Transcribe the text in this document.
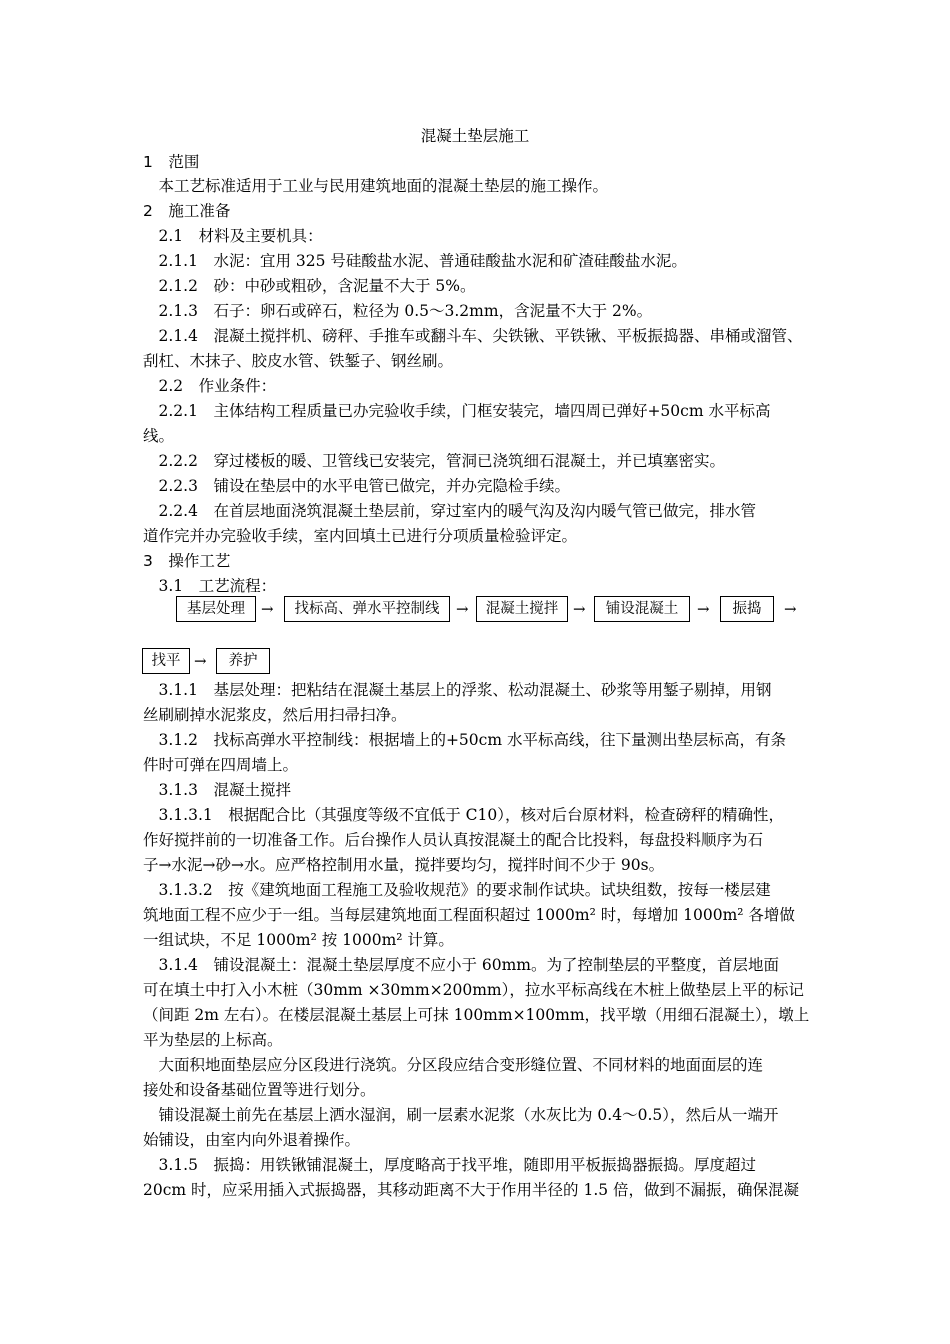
混凝土垫层施工
1　范围
　本工艺标准适用于工业与民用建筑地面的混凝土垫层的施工操作。
2　施工准备
　2.1　材料及主要机具：
　2.1.1　水泥：宜用 325 号硅酸盐水泥、普通硅酸盐水泥和矿渣硅酸盐水泥。
　2.1.2　砂：中砂或粗砂，含泥量不大于 5%。
　2.1.3　石子：卵石或碎石，粒径为 0.5～3.2mm，含泥量不大于 2%。
　2.1.4　混凝土搅拌机、磅秤、手推车或翻斗车、尖铁锹、平铁锹、平板振捣器、串桶或溜管、
刮杠、木抹子、胶皮水管、铁錾子、钢丝刷。
　2.2　作业条件：
　2.2.1　主体结构工程质量已办完验收手续，门框安装完，墙四周已弹好+50cm 水平标高
线。
　2.2.2　穿过楼板的暖、卫管线已安装完，管洞已浇筑细石混凝土，并已填塞密实。
　2.2.3　铺设在垫层中的水平电管已做完，并办完隐检手续。
　2.2.4　在首层地面浇筑混凝土垫层前，穿过室内的暖气沟及沟内暖气管已做完，排水管
道作完并办完验收手续，室内回填土已进行分项质量检验评定。
3　操作工艺
　3.1　工艺流程：
基层处理	→	找标高、弹水平控制线	→	混凝土搅拌 →	铺设混凝土	→	振捣	→
找平 →	养护
　3.1.1　基层处理：把粘结在混凝土基层上的浮浆、松动混凝土、砂浆等用錾子剔掉，用钢
丝刷刷掉水泥浆皮，然后用扫帚扫净。
　3.1.2　找标高弹水平控制线：根据墙上的+50cm 水平标高线，往下量测出垫层标高，有条
件时可弹在四周墙上。
　3.1.3　混凝土搅拌
　3.1.3.1　根据配合比（其强度等级不宜低于 C10），核对后台原材料，检查磅秤的精确性，
作好搅拌前的一切准备工作。后台操作人员认真按混凝土的配合比投料，每盘投料顺序为石
子→水泥→砂→水。应严格控制用水量，搅拌要均匀，搅拌时间不少于 90s。
　3.1.3.2　按《建筑地面工程施工及验收规范》的要求制作试块。试块组数，按每一楼层建
筑地面工程不应少于一组。当每层建筑地面工程面积超过 1000m² 时，每增加 1000m² 各增做
一组试块，不足 1000m² 按 1000m² 计算。
　3.1.4　铺设混凝土：混凝土垫层厚度不应小于 60mm。为了控制垫层的平整度，首层地面
可在填土中打入小木桩（30mm ×30mm×200mm），拉水平标高线在木桩上做垫层上平的标记
（间距 2m 左右）。在楼层混凝土基层上可抹 100mm×100mm，找平墩（用细石混凝土），墩上
平为垫层的上标高。
　大面积地面垫层应分区段进行浇筑。分区段应结合变形缝位置、不同材料的地面面层的连
接处和设备基础位置等进行划分。
　铺设混凝土前先在基层上洒水湿润，刷一层素水泥浆（水灰比为 0.4～0.5），然后从一端开
始铺设，由室内向外退着操作。
　3.1.5　振捣：用铁锹铺混凝土，厚度略高于找平堆，随即用平板振捣器振捣。厚度超过
20cm 时，应采用插入式振捣器，其移动距离不大于作用半径的 1.5 倍，做到不漏振，确保混凝
